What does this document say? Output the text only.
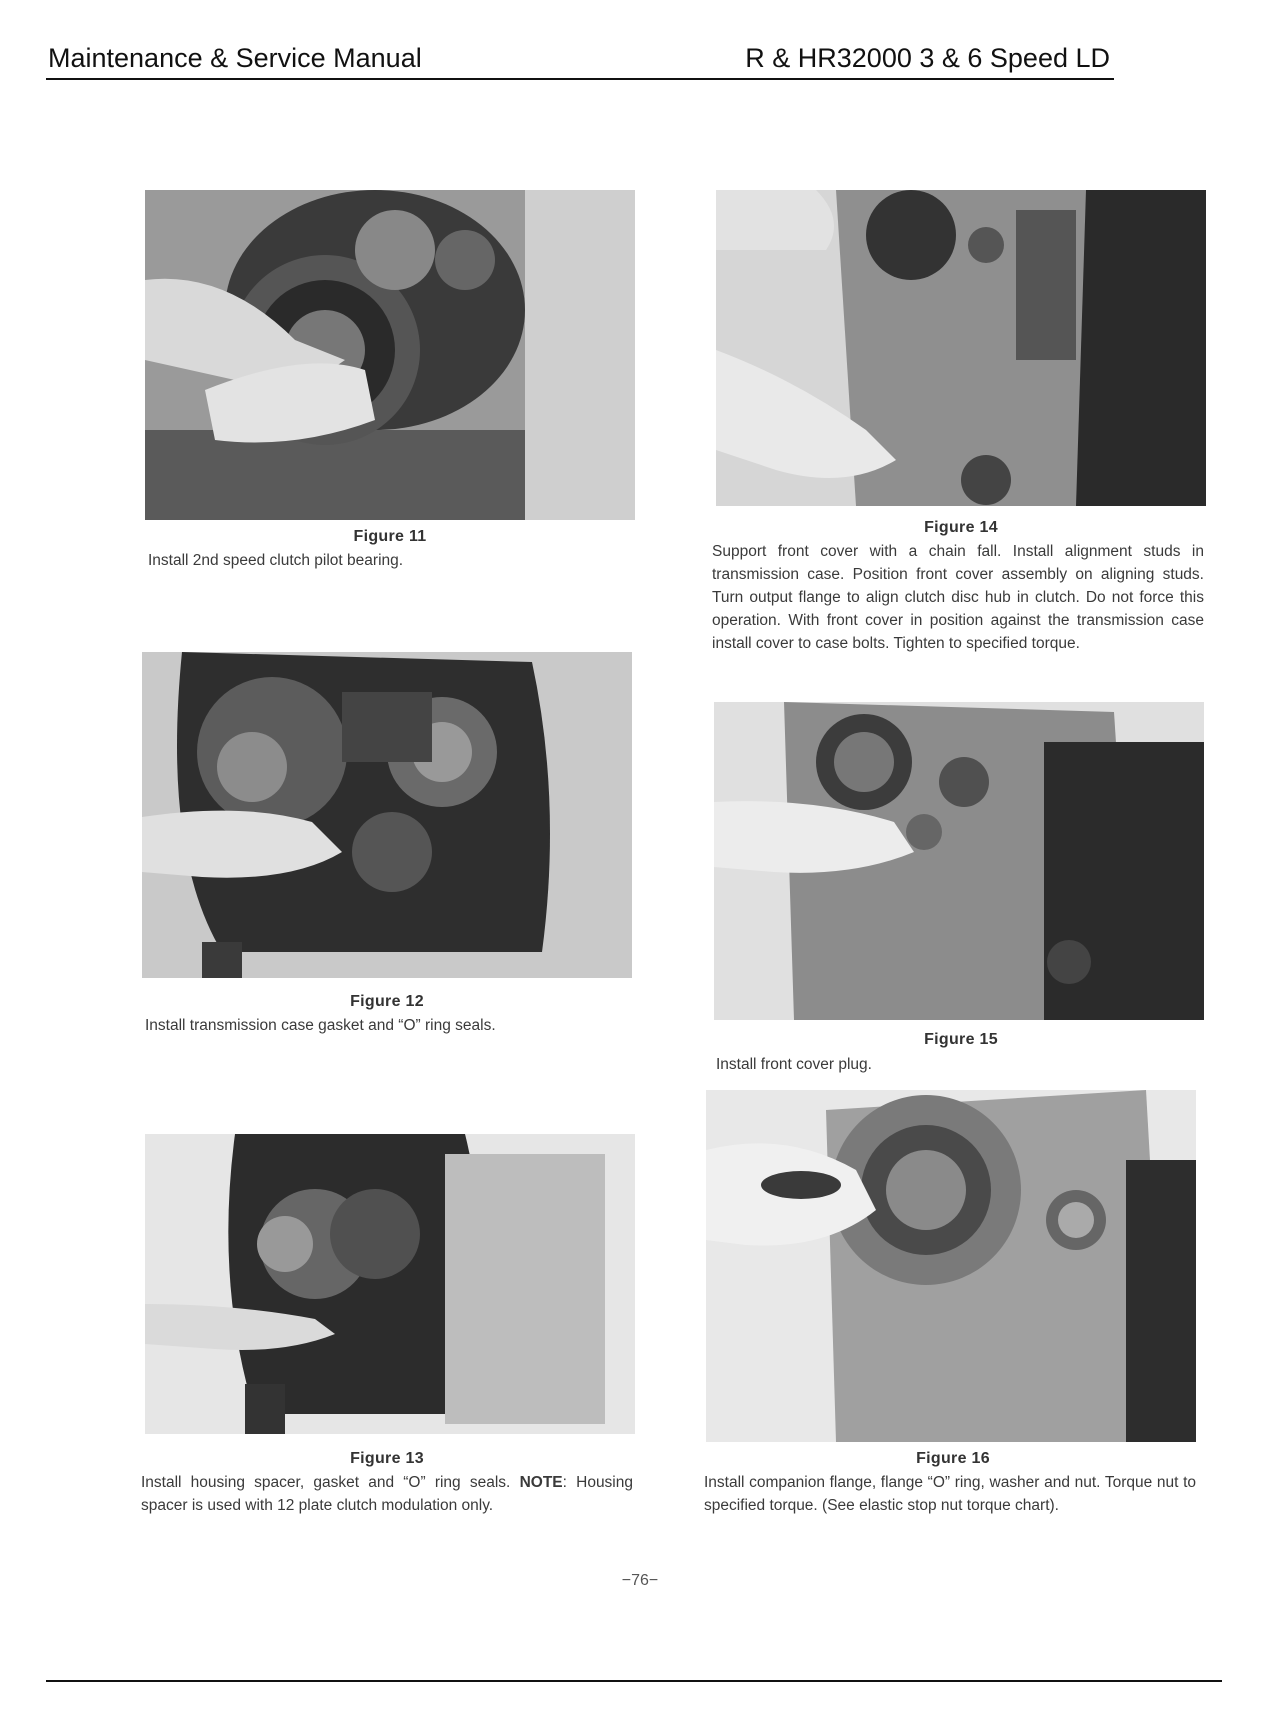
Maintenance & Service Manual	R & HR32000 3 & 6 Speed LD
Figure 11
Install 2nd speed clutch pilot bearing.
Figure 12
Install transmission case gasket and “O” ring seals.
Figure 13
Install housing spacer, gasket and “O” ring seals. NOTE: Housing spacer is used with 12 plate clutch modulation only.
Figure 14
Support front cover with a chain fall. Install alignment studs in transmission case. Position front cover assembly on aligning studs. Turn output flange to align clutch disc hub in clutch. Do not force this operation. With front cover in position against the transmission case install cover to case bolts. Tighten to specified torque.
Figure 15
Install front cover plug.
Figure 16
Install companion flange, flange “O” ring, washer and nut. Torque nut to specified torque. (See elastic stop nut torque chart).
−76−
